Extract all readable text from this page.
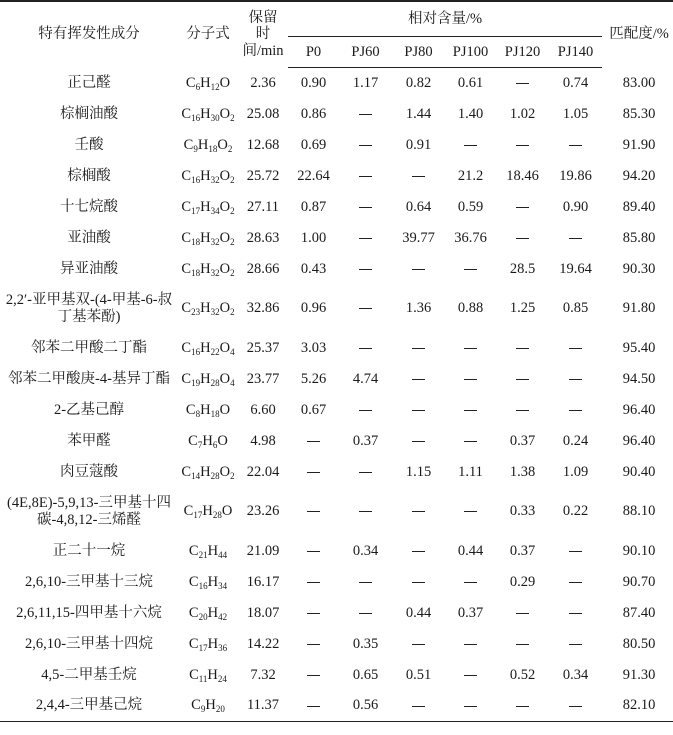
特有挥发性成分	分子式	保留
时间/min	相对含量/%						匹配度/%
			P0	PJ60	PJ80	PJ100	PJ120	PJ140	
正己醛	$C_6H_{12}O$	2.36	0.90	1.17	0.82	0.61		0.74	83.00
棕榈油酸	$C_{16}H_{30}O_2$	25.08	0.86		1.44	1.40	1.02	1.05	85.30
壬酸	$C_9H_{18}O_2$	12.68	0.69		0.91				91.90
棕榈酸	$C_{16}H_{32}O_2$	25.72	22.64			21.2	18.46	19.86	94.20
十七烷酸	$C_{17}H_{34}O_2$	27.11	0.87		0.64	0.59		0.90	89.40
亚油酸	$C_{18}H_{32}O_2$	28.63	1.00		39.77	36.76			85.80
异亚油酸	$C_{18}H_{32}O_2$	28.66	0.43				28.5	19.64	90.30
2,2′-亚甲基双-(4-甲基-6-叔丁基苯酚)	$C_{23}H_{32}O_2$	32.86	0.96		1.36	0.88	1.25	0.85	91.80
邻苯二甲酸二丁酯	$C_{16}H_{22}O_4$	25.37	3.03						95.40
邻苯二甲酸庚-4-基异丁酯	$C_{19}H_{28}O_4$	23.77	5.26	4.74					94.50
2-乙基己醇	$C_8H_{18}O$	6.60	0.67						96.40
苯甲醛	$C_7H_6O$	4.98		0.37			0.37	0.24	96.40
肉豆蔻酸	$C_{14}H_{28}O_2$	22.04			1.15	1.11	1.38	1.09	90.40
(4E,8E)-5,9,13-三甲基十四碳-4,8,12-三烯醛	$C_{17}H_{28}O$	23.26					0.33	0.22	88.10
正二十一烷	$C_{21}H_{44}$	21.09		0.34		0.44	0.37		90.10
2,6,10-三甲基十三烷	$C_{16}H_{34}$	16.17					0.29		90.70
2,6,11,15-四甲基十六烷	$C_{20}H_{42}$	18.07			0.44	0.37			87.40
2,6,10-三甲基十四烷	$C_{17}H_{36}$	14.22		0.35					80.50
4,5-二甲基壬烷	$C_{11}H_{24}$	7.32		0.65	0.51		0.52	0.34	91.30
2,4,4-三甲基己烷	$C_9H_{20}$	11.37		0.56					82.10
